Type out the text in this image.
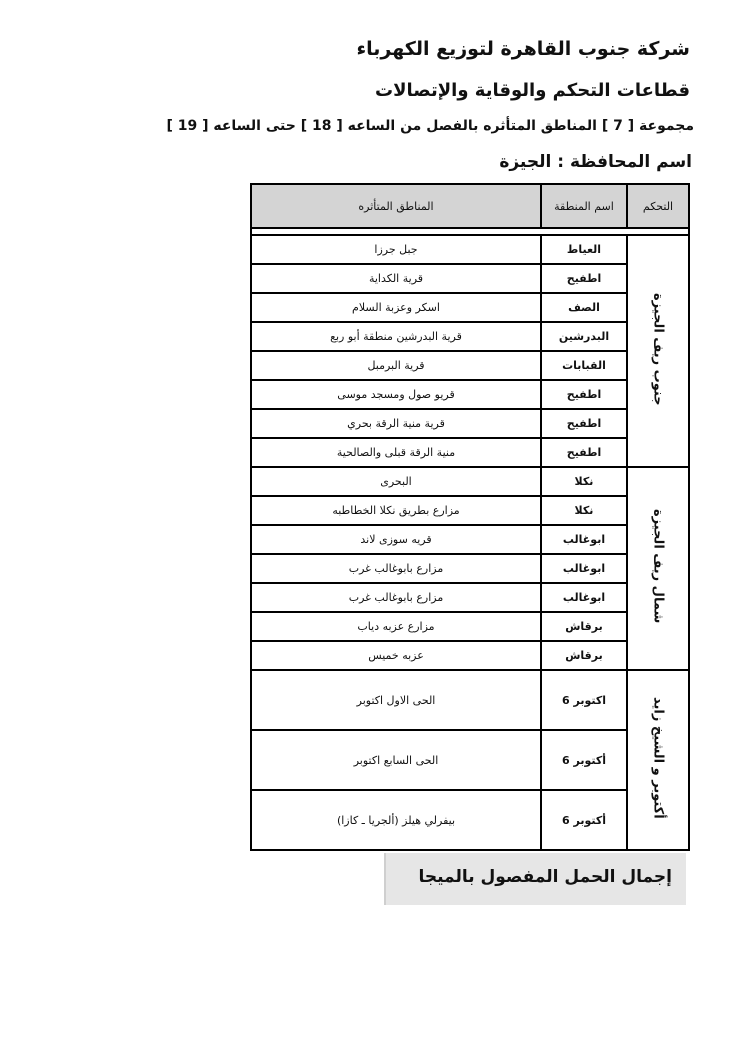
شركة جنوب القاهرة لتوزيع الكهرباء
قطاعات التحكم والوقاية والإتصالات
مجموعة [ 7 ] المناطق المتأثره بالفصل من الساعه [ 18 ] حتى الساعه [ 19 ]
اسم المحافظة : الجيزة
التحكم	اسم المنطقة	المناطق المتأثره

جنوب ريف الجيزة	العياط	جبل جرزا
	اطفيح	قرية الكداية
	الصف	اسكر وعزبة السلام
	البدرشين	قرية البدرشين منطقة أبو ربع
	القبابات	قرية البرمبل
	اطفيح	قريو صول ومسجد موسى
	اطفيح	قرية منية الرقة بحري
	اطفيح	منية الرقة قبلى والصالحية
شمال ريف الجيزة	نكلا	البحرى
	نكلا	مزارع بطريق نكلا الخطاطبه
	ابوغالب	قريه سوزى لاند
	ابوغالب	مزارع بابوغالب غرب
	ابوغالب	مزارع بابوغالب غرب
	برقاش	مزارع عزبه دياب
	برقاش	عزبه خميس
أكتوبر و الشيخ زايد	اكتوبر 6	الحى الاول اكتوبر
	أكتوبر 6	الحى السابع اكتوبر
	أكتوبر 6	بيفرلي هيلز (ألجريا ـ كازا)
إجمال الحمل المفصول بالميجا
